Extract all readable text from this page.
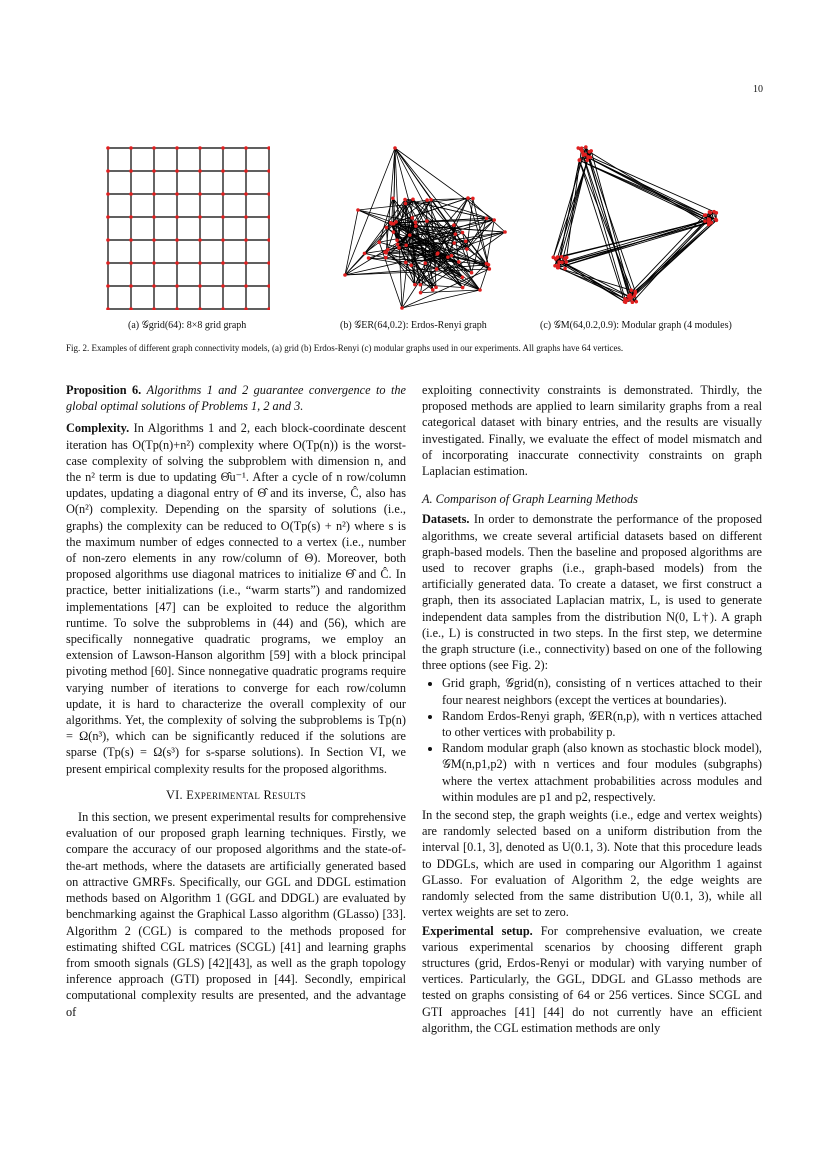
10
(a) 𝒢grid(64): 8×8 grid graph	(b) 𝒢ER(64,0.2): Erdos-Renyi graph	(c) 𝒢M(64,0.2,0.9): Modular graph (4 modules)
Fig. 2. Examples of different graph connectivity models, (a) grid (b) Erdos-Renyi (c) modular graphs used in our experiments. All graphs have 64 vertices.

Proposition 6. Algorithms 1 and 2 guarantee convergence to the global optimal solutions of Problems 1, 2 and 3.

Complexity. In Algorithms 1 and 2, each block-coordinate descent iteration has O(Tp(n)+n²) complexity where O(Tp(n)) is the worst-case complexity of solving the subproblem with dimension n, and the n² term is due to updating Θ̂u⁻¹. After a cycle of n row/column updates, updating a diagonal entry of Θ̂ and its inverse, Ĉ, also has O(n²) complexity. Depending on the sparsity of solutions (i.e., graphs) the complexity can be reduced to O(Tp(s) + n²) where s is the maximum number of edges connected to a vertex (i.e., number of non-zero elements in any row/column of Θ). Moreover, both proposed algorithms use diagonal matrices to initialize Θ̂ and Ĉ. In practice, better initializations (i.e., “warm starts”) and randomized implementations [47] can be exploited to reduce the algorithm runtime. To solve the subproblems in (44) and (56), which are specifically nonnegative quadratic programs, we employ an extension of Lawson-Hanson algorithm [59] with a block principal pivoting method [60]. Since nonnegative quadratic programs require varying number of iterations to converge for each row/column update, it is hard to characterize the overall complexity of our algorithms. Yet, the complexity of solving the subproblems is Tp(n) = Ω(n³), which can be significantly reduced if the solutions are sparse (Tp(s) = Ω(s³) for s-sparse solutions). In Section VI, we present empirical complexity results for the proposed algorithms.

VI. Experimental Results

In this section, we present experimental results for comprehensive evaluation of our proposed graph learning techniques. Firstly, we compare the accuracy of our proposed algorithms and the state-of-the-art methods, where the datasets are artificially generated based on attractive GMRFs. Specifically, our GGL and DDGL estimation methods based on Algorithm 1 (GGL and DDGL) are evaluated by benchmarking against the Graphical Lasso algorithm (GLasso) [33]. Algorithm 2 (CGL) is compared to the methods proposed for estimating shifted CGL matrices (SCGL) [41] and learning graphs from smooth signals (GLS) [42][43], as well as the graph topology inference approach (GTI) proposed in [44]. Secondly, empirical computational complexity results are presented, and the advantage of

exploiting connectivity constraints is demonstrated. Thirdly, the proposed methods are applied to learn similarity graphs from a real categorical dataset with binary entries, and the results are visually investigated. Finally, we evaluate the effect of model mismatch and of incorporating inaccurate connectivity constraints on graph Laplacian estimation.

A. Comparison of Graph Learning Methods

Datasets. In order to demonstrate the performance of the proposed algorithms, we create several artificial datasets based on different graph-based models. Then the baseline and proposed algorithms are used to recover graphs (i.e., graph-based models) from the artificially generated data. To create a dataset, we first construct a graph, then its associated Laplacian matrix, L, is used to generate independent data samples from the distribution N(0, L†). A graph (i.e., L) is constructed in two steps. In the first step, we determine the graph structure (i.e., connectivity) based on one of the following three options (see Fig. 2):

• Grid graph, 𝒢grid(n), consisting of n vertices attached to their four nearest neighbors (except the vertices at boundaries).
• Random Erdos-Renyi graph, 𝒢ER(n,p), with n vertices attached to other vertices with probability p.
• Random modular graph (also known as stochastic block model), 𝒢M(n,p1,p2) with n vertices and four modules (subgraphs) where the vertex attachment probabilities across modules and within modules are p1 and p2, respectively.

In the second step, the graph weights (i.e., edge and vertex weights) are randomly selected based on a uniform distribution from the interval [0.1, 3], denoted as U(0.1, 3). Note that this procedure leads to DDGLs, which are used in comparing our Algorithm 1 against GLasso. For evaluation of Algorithm 2, the edge weights are randomly selected from the same distribution U(0.1, 3), while all vertex weights are set to zero.

Experimental setup. For comprehensive evaluation, we create various experimental scenarios by choosing different graph structures (grid, Erdos-Renyi or modular) with varying number of vertices. Particularly, the GGL, DDGL and GLasso methods are tested on graphs consisting of 64 or 256 vertices. Since SCGL and GTI approaches [41] [44] do not currently have an efficient algorithm, the CGL estimation methods are only
